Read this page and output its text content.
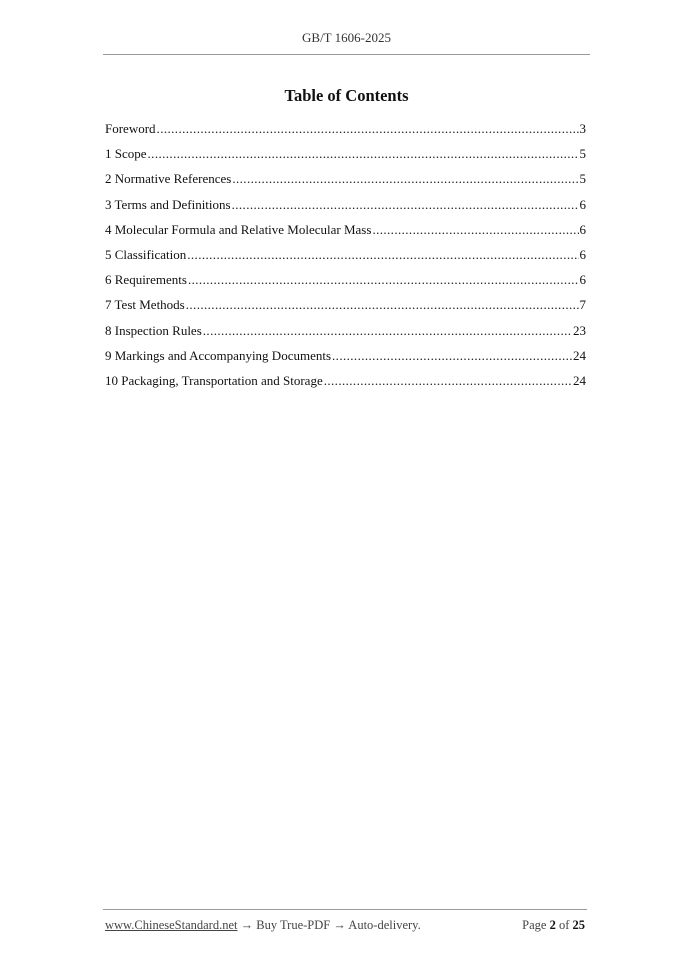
GB/T 1606-2025
Table of Contents
Foreword .....	3
1 Scope .....	5
2 Normative References .....	5
3 Terms and Definitions .....	6
4 Molecular Formula and Relative Molecular Mass .....	6
5 Classification .....	6
6 Requirements .....	6
7 Test Methods .....	7
8 Inspection Rules .....	23
9 Markings and Accompanying Documents .....	24
10 Packaging, Transportation and Storage .....	24
www.ChineseStandard.net → Buy True-PDF → Auto-delivery.	Page 2 of 25
